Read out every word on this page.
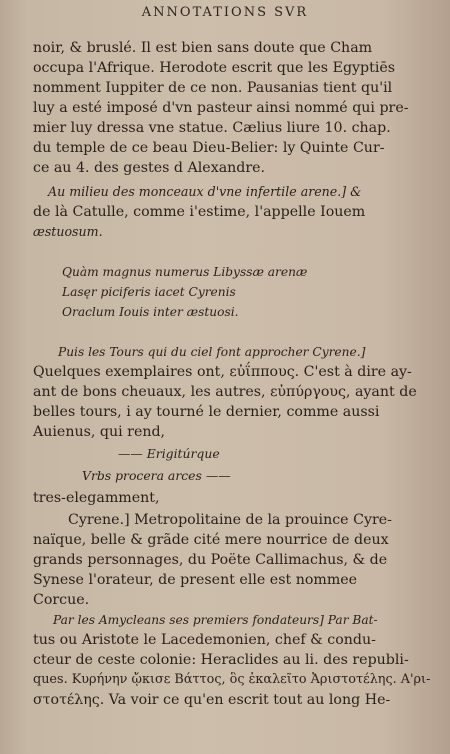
ANNOTATIONS SVR
noir, & bruslé. Il est bien sans doute que Cham
occupa l'Afrique. Herodote escrit que les Egyptiēs
nomment Iuppiter de ce non. Pausanias tient qu'il
luy a esté imposé d'vn pasteur ainsi nommé qui pre-
mier luy dressa vne statue. Cælius liure 10. chap.
du temple de ce beau Dieu-Belier: ly Quinte Cur-
ce au 4. des gestes d Alexandre.
Au milieu des monceaux d'vne infertile arene.] &
de là Catulle, comme i'estime, l'appelle Iouem
æstuosum.
Quàm magnus numerus Libyssæ arenæ
Lasęr piciferis iacet Cyrenis
Oraclum Iouis inter æstuosi.
Puis les Tours qui du ciel font approcher Cyrene.]
Quelques exemplaires ont, εὐΐππους. C'est à dire ay-
ant de bons cheuaux, les autres, εὐπύργους, ayant de
belles tours, i ay tourné le dernier, comme aussi
Auienus, qui rend,
—— Erigitúrque
Vrbs procera arces ——
tres-elegamment,
Cyrene.] Metropolitaine de la prouince Cyre-
naïque, belle & grãde cité mere nourrice de deux
grands personnages, du Poëte Callimachus, & de
Synese l'orateur, de present elle est nommee
Corcue.
Par les Amycleans ses premiers fondateurs] Par Bat-
tus ou Aristote le Lacedemonien, chef & condu-
cteur de ceste colonie: Heraclides au li. des republi-
ques. Κυρήνην ᾤκισε Βάττος, ὃς ἐκαλεῖτο Ἀριστοτέλης. Α'ρι-
στοτέλης. Va voir ce qu'en escrit tout au long He-
